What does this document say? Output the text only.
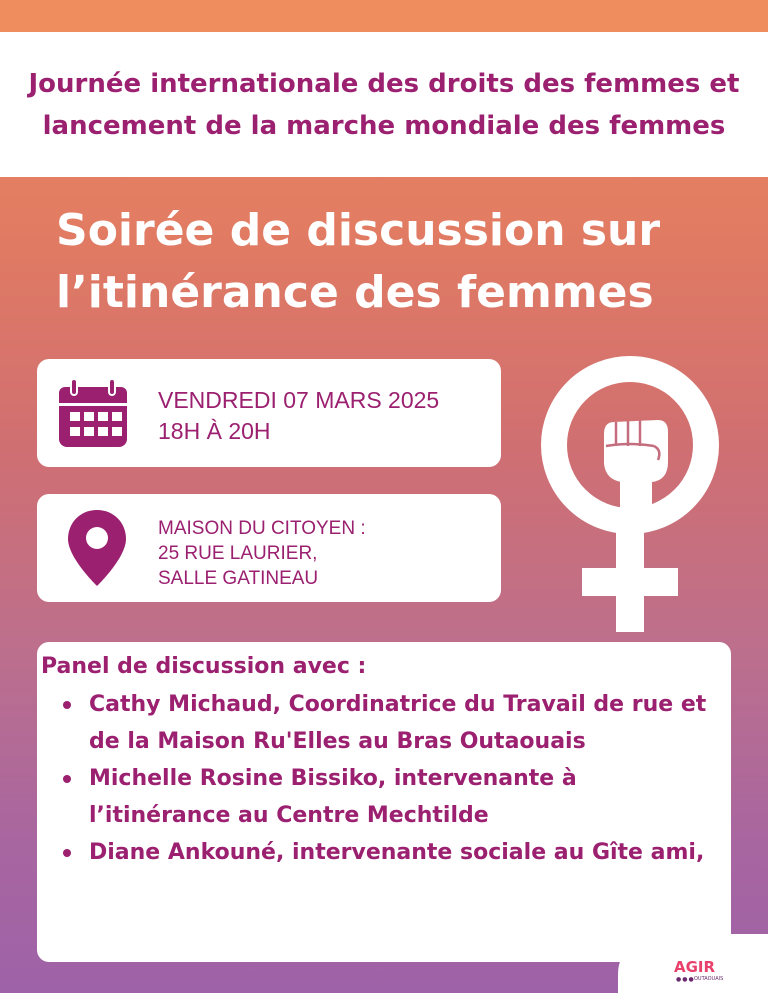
Journée internationale des droits des femmes et lancement de la marche mondiale des femmes
Soirée de discussion sur
l’itinérance des femmes
VENDREDI 07 MARS 2025
18H À 20H
MAISON DU CITOYEN :
25 RUE LAURIER,
SALLE GATINEAU
Panel de discussion avec :
Cathy Michaud, Coordinatrice du Travail de rue et de la Maison Ru'Elles au Bras Outaouais
Michelle Rosine Bissiko, intervenante à l’itinérance au Centre Mechtilde
Diane Ankouné, intervenante sociale au Gîte ami,
AGIR
●●● OUTAOUAIS
